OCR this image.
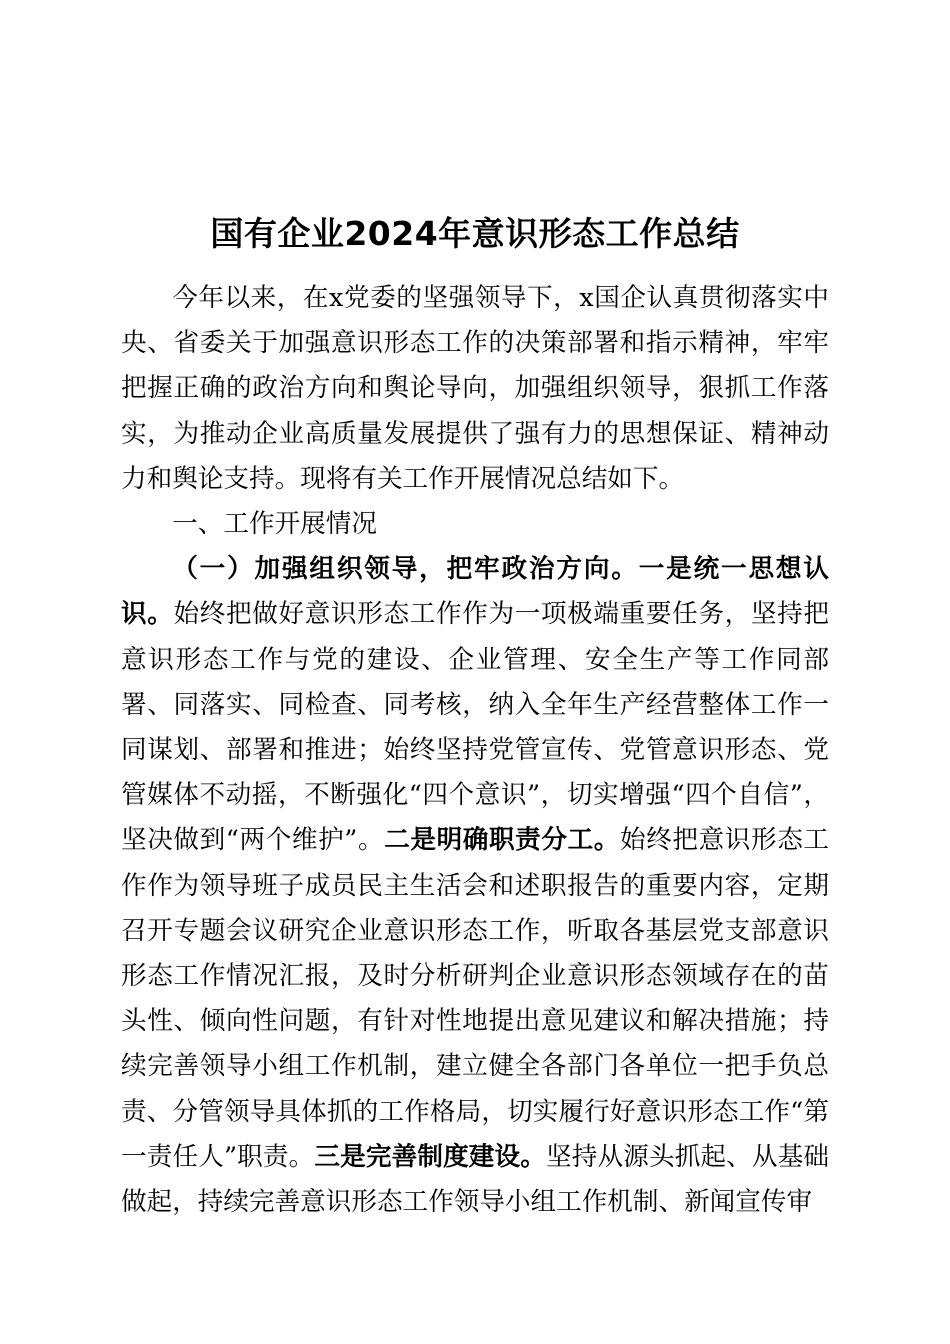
国有企业2024年意识形态工作总结

今年以来，在x党委的坚强领导下，x国企认真贯彻落实中央、省委关于加强意识形态工作的决策部署和指示精神，牢牢把握正确的政治方向和舆论导向，加强组织领导，狠抓工作落实，为推动企业高质量发展提供了强有力的思想保证、精神动力和舆论支持。现将有关工作开展情况总结如下。

一、工作开展情况

（一）加强组织领导，把牢政治方向。一是统一思想认识。始终把做好意识形态工作作为一项极端重要任务，坚持把意识形态工作与党的建设、企业管理、安全生产等工作同部署、同落实、同检查、同考核，纳入全年生产经营整体工作一同谋划、部署和推进；始终坚持党管宣传、党管意识形态、党管媒体不动摇，不断强化“四个意识”，切实增强“四个自信”，坚决做到“两个维护”。二是明确职责分工。始终把意识形态工作作为领导班子成员民主生活会和述职报告的重要内容，定期召开专题会议研究企业意识形态工作，听取各基层党支部意识形态工作情况汇报，及时分析研判企业意识形态领域存在的苗头性、倾向性问题，有针对性地提出意见建议和解决措施；持续完善领导小组工作机制，建立健全各部门各单位一把手负总责、分管领导具体抓的工作格局，切实履行好意识形态工作“第一责任人”职责。三是完善制度建设。坚持从源头抓起、从基础做起，持续完善意识形态工作领导小组工作机制、新闻宣传审
